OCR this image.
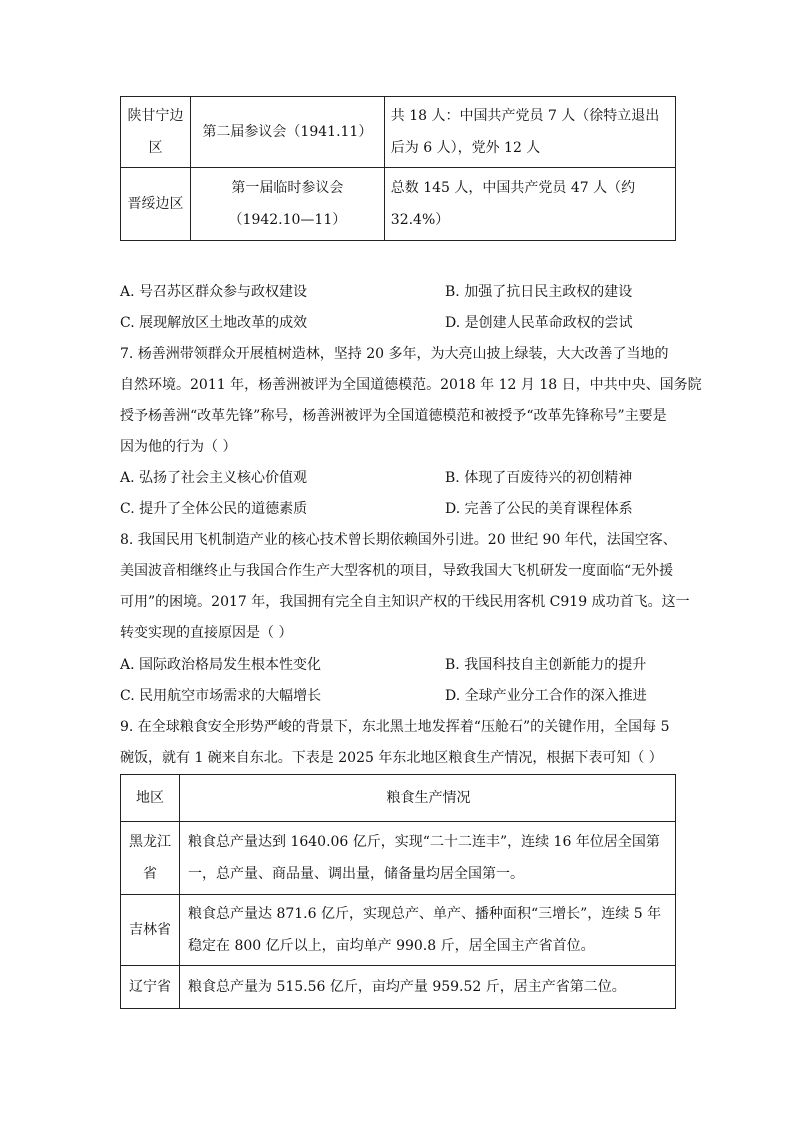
陕甘宁边区	第二届参议会（1941.11）	共 18 人：中国共产党员 7 人（徐特立退出后为 6 人），党外 12 人
晋绥边区	第一届临时参议会（1942.10—11）	总数 145 人，中国共产党员 47 人（约 32.4%）
A. 号召苏区群众参与政权建设	B. 加强了抗日民主政权的建设
C. 展现解放区土地改革的成效	D. 是创建人民革命政权的尝试
7. 杨善洲带领群众开展植树造林，坚持 20 多年，为大亮山披上绿装，大大改善了当地的
自然环境。2011 年，杨善洲被评为全国道德模范。2018 年 12 月 18 日，中共中央、国务院
授予杨善洲“改革先锋”称号，杨善洲被评为全国道德模范和被授予“改革先锋称号”主要是
因为他的行为（ ）
A. 弘扬了社会主义核心价值观	B. 体现了百废待兴的初创精神
C. 提升了全体公民的道德素质	D. 完善了公民的美育课程体系
8. 我国民用飞机制造产业的核心技术曾长期依赖国外引进。20 世纪 90 年代，法国空客、
美国波音相继终止与我国合作生产大型客机的项目，导致我国大飞机研发一度面临“无外援
可用”的困境。2017 年，我国拥有完全自主知识产权的干线民用客机 C919 成功首飞。这一
转变实现的直接原因是（ ）
A. 国际政治格局发生根本性变化	B. 我国科技自主创新能力的提升
C. 民用航空市场需求的大幅增长	D. 全球产业分工合作的深入推进
9. 在全球粮食安全形势严峻的背景下，东北黑土地发挥着“压舱石”的关键作用，全国每 5
碗饭，就有 1 碗来自东北。下表是 2025 年东北地区粮食生产情况，根据下表可知（ ）
地区	粮食生产情况
黑龙江省	粮食总产量达到 1640.06 亿斤，实现“二十二连丰”，连续 16 年位居全国第一，总产量、商品量、调出量，储备量均居全国第一。
吉林省	粮食总产量达 871.6 亿斤，实现总产、单产、播种面积“三增长”，连续 5 年稳定在 800 亿斤以上，亩均单产 990.8 斤，居全国主产省首位。
辽宁省	粮食总产量为 515.56 亿斤，亩均产量 959.52 斤，居主产省第二位。
